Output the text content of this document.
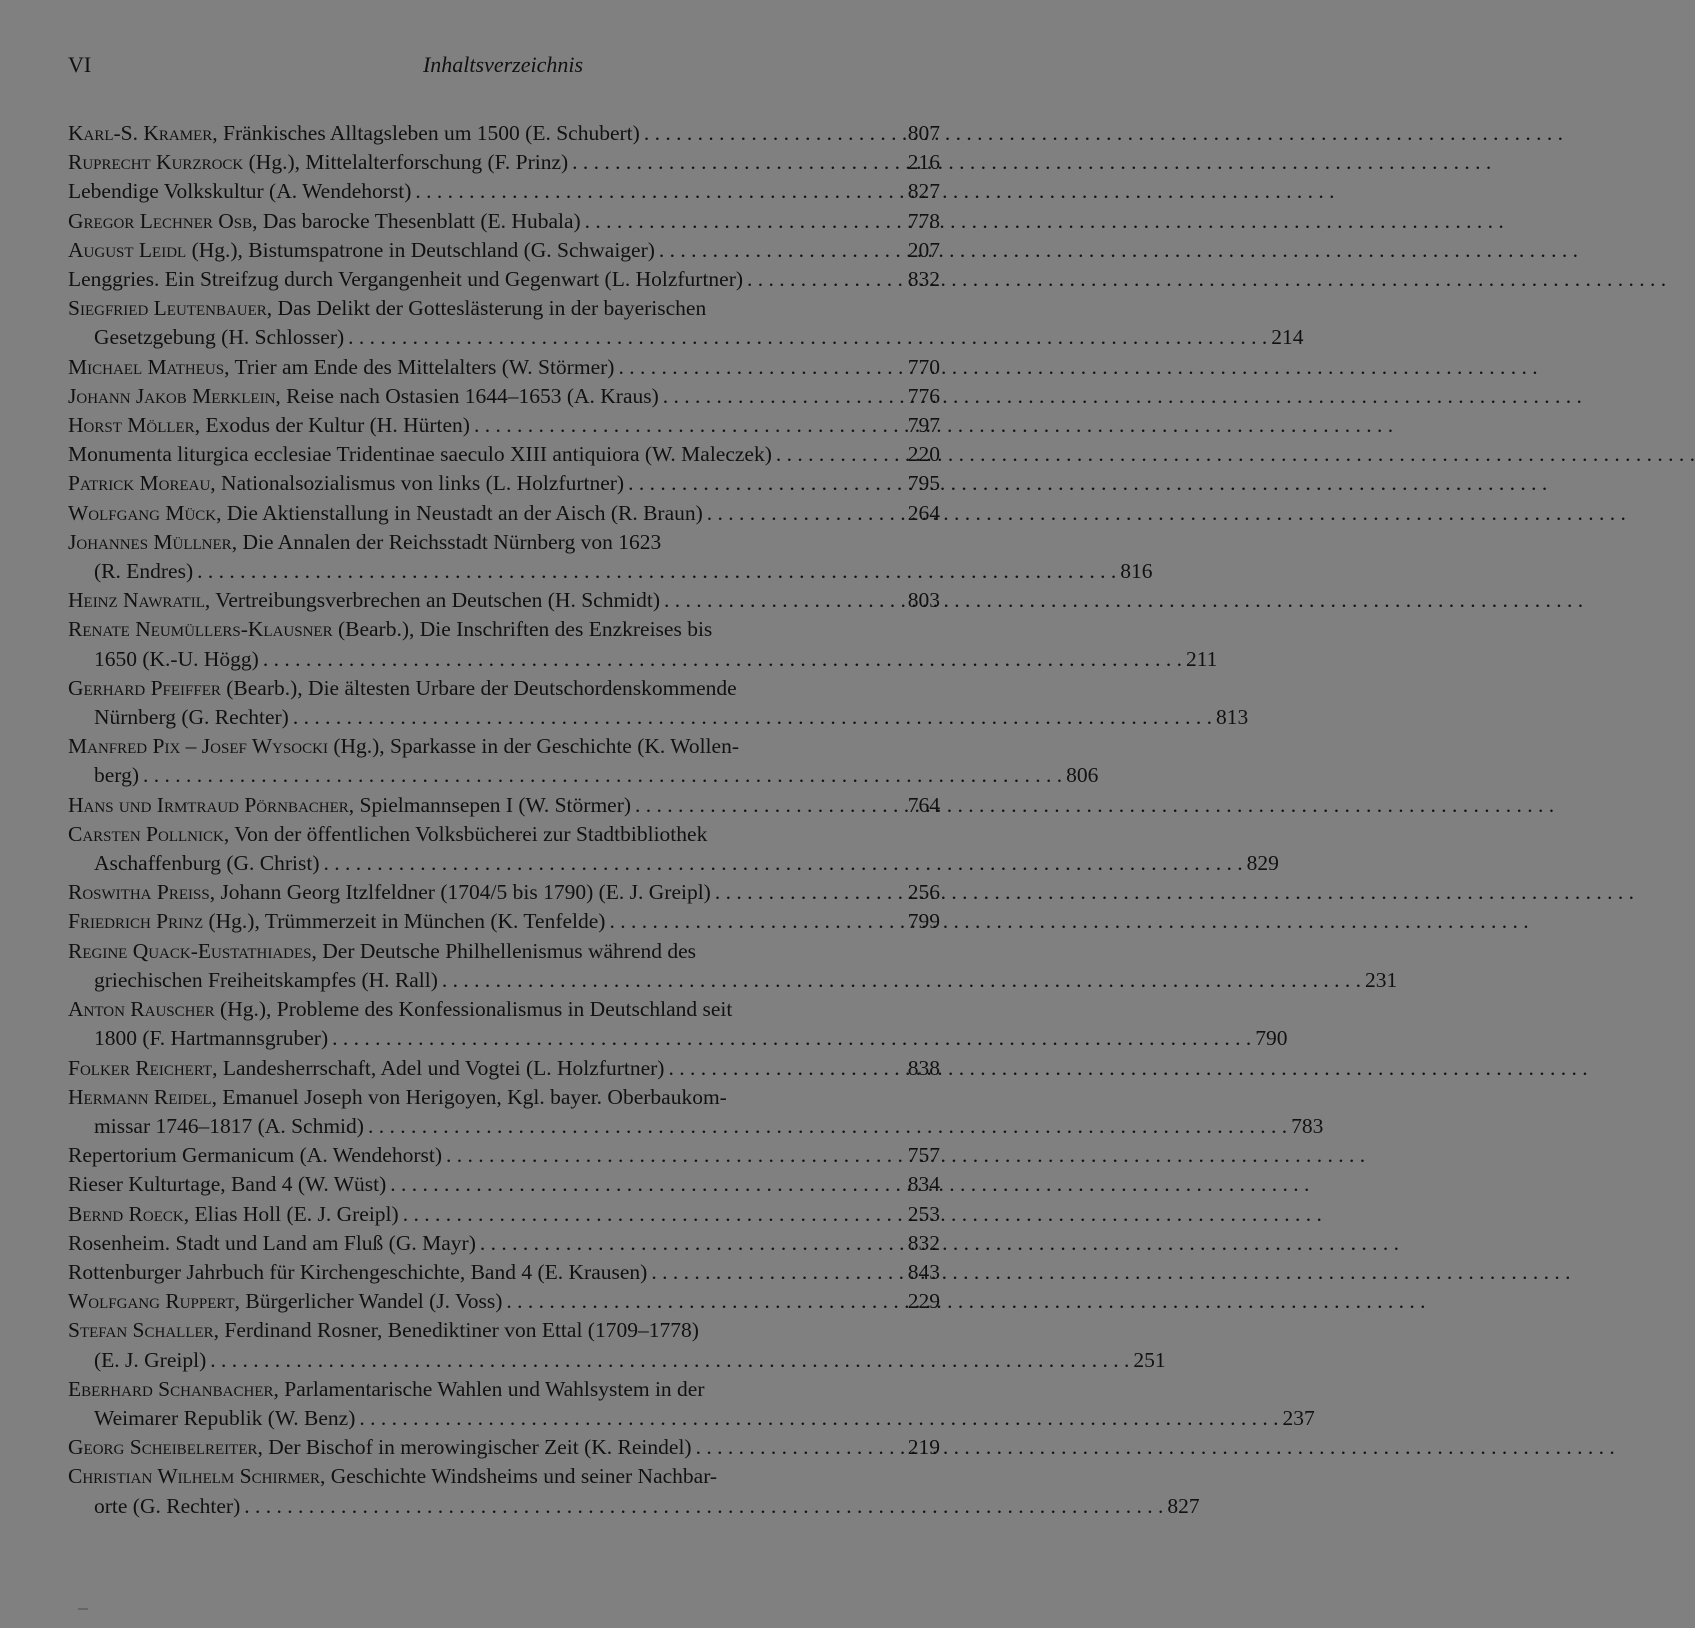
VI	Inhaltsverzeichnis
Karl-S. Kramer, Fränkisches Alltagsleben um 1500 (E. Schubert) . . .	807
Ruprecht Kurzrock (Hg.), Mittelalterforschung (F. Prinz) . . .	216
Lebendige Volkskultur (A. Wendehorst) . . .	827
Gregor Lechner Osb, Das barocke Thesenblatt (E. Hubala) . . .	778
August Leidl (Hg.), Bistumspatrone in Deutschland (G. Schwaiger) . . .	207
Lenggries. Ein Streifzug durch Vergangenheit und Gegenwart (L. Holzfurtner) . . .	832
Siegfried Leutenbauer, Das Delikt der Gotteslästerung in der bayerischen
Gesetzgebung (H. Schlosser) . . .	214
Michael Matheus, Trier am Ende des Mittelalters (W. Störmer) . . .	770
Johann Jakob Merklein, Reise nach Ostasien 1644–1653 (A. Kraus) . . .	776
Horst Möller, Exodus der Kultur (H. Hürten) . . .	797
Monumenta liturgica ecclesiae Tridentinae saeculo XIII antiquiora (W. Maleczek) . . .	220
Patrick Moreau, Nationalsozialismus von links (L. Holzfurtner) . . .	795
Wolfgang Mück, Die Aktienstallung in Neustadt an der Aisch (R. Braun) . . .	264
Johannes Müllner, Die Annalen der Reichsstadt Nürnberg von 1623
(R. Endres) . . .	816
Heinz Nawratil, Vertreibungsverbrechen an Deutschen (H. Schmidt) . . .	803
Renate Neumüllers-Klausner (Bearb.), Die Inschriften des Enzkreises bis
1650 (K.-U. Högg) . . .	211
Gerhard Pfeiffer (Bearb.), Die ältesten Urbare der Deutschordenskommende
Nürnberg (G. Rechter) . . .	813
Manfred Pix – Josef Wysocki (Hg.), Sparkasse in der Geschichte (K. Wollen-
berg) . . .	806
Hans und Irmtraud Pörnbacher, Spielmannsepen I (W. Störmer) . . .	764
Carsten Pollnick, Von der öffentlichen Volksbücherei zur Stadtbibliothek
Aschaffenburg (G. Christ) . . .	829
Roswitha Preiss, Johann Georg Itzlfeldner (1704/5 bis 1790) (E. J. Greipl) . . .	256
Friedrich Prinz (Hg.), Trümmerzeit in München (K. Tenfelde) . . .	799
Regine Quack-Eustathiades, Der Deutsche Philhellenismus während des
griechischen Freiheitskampfes (H. Rall) . . .	231
Anton Rauscher (Hg.), Probleme des Konfessionalismus in Deutschland seit
1800 (F. Hartmannsgruber) . . .	790
Folker Reichert, Landesherrschaft, Adel und Vogtei (L. Holzfurtner) . . .	838
Hermann Reidel, Emanuel Joseph von Herigoyen, Kgl. bayer. Oberbaukom-
missar 1746–1817 (A. Schmid) . . .	783
Repertorium Germanicum (A. Wendehorst) . . .	757
Rieser Kulturtage, Band 4 (W. Wüst) . . .	834
Bernd Roeck, Elias Holl (E. J. Greipl) . . .	253
Rosenheim. Stadt und Land am Fluß (G. Mayr) . . .	832
Rottenburger Jahrbuch für Kirchengeschichte, Band 4 (E. Krausen) . . .	843
Wolfgang Ruppert, Bürgerlicher Wandel (J. Voss) . . .	229
Stefan Schaller, Ferdinand Rosner, Benediktiner von Ettal (1709–1778)
(E. J. Greipl) . . .	251
Eberhard Schanbacher, Parlamentarische Wahlen und Wahlsystem in der
Weimarer Republik (W. Benz) . . .	237
Georg Scheibelreiter, Der Bischof in merowingischer Zeit (K. Reindel) . . .	219
Christian Wilhelm Schirmer, Geschichte Windsheims und seiner Nachbar-
orte (G. Rechter) . . .	827
